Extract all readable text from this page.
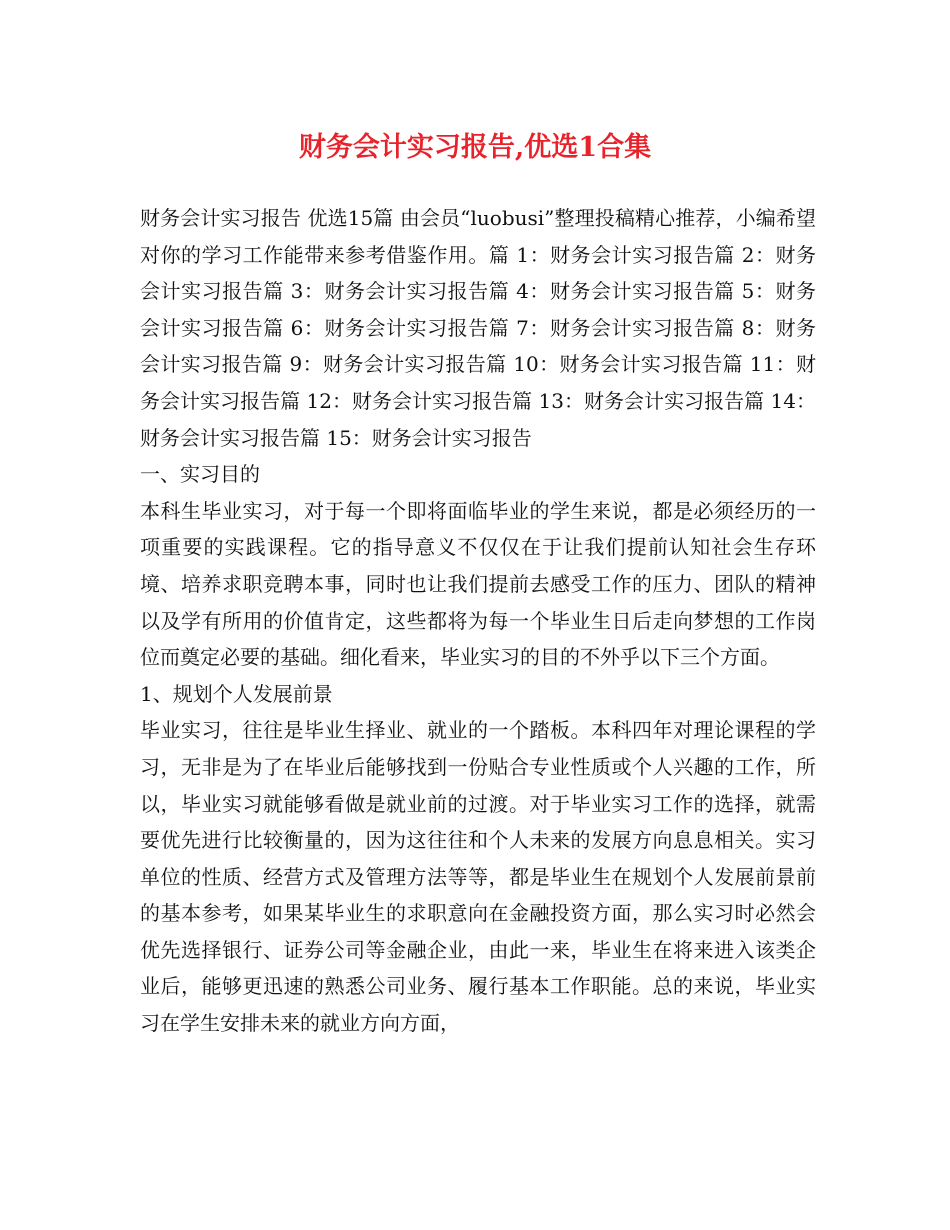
财务会计实习报告,优选1合集

财务会计实习报告 优选15篇 由会员“luobusi”整理投稿精心推荐，小编希望对你的学习工作能带来参考借鉴作用。篇 1：财务会计实习报告篇 2：财务会计实习报告篇 3：财务会计实习报告篇 4：财务会计实习报告篇 5：财务会计实习报告篇 6：财务会计实习报告篇 7：财务会计实习报告篇 8：财务会计实习报告篇 9：财务会计实习报告篇 10：财务会计实习报告篇 11：财务会计实习报告篇 12：财务会计实习报告篇 13：财务会计实习报告篇 14：财务会计实习报告篇 15：财务会计实习报告

一、实习目的

本科生毕业实习，对于每一个即将面临毕业的学生来说，都是必须经历的一项重要的实践课程。它的指导意义不仅仅在于让我们提前认知社会生存环境、培养求职竞聘本事，同时也让我们提前去感受工作的压力、团队的精神以及学有所用的价值肯定，这些都将为每一个毕业生日后走向梦想的工作岗位而奠定必要的基础。细化看来，毕业实习的目的不外乎以下三个方面。

1、规划个人发展前景

毕业实习，往往是毕业生择业、就业的一个踏板。本科四年对理论课程的学习，无非是为了在毕业后能够找到一份贴合专业性质或个人兴趣的工作，所以，毕业实习就能够看做是就业前的过渡。对于毕业实习工作的选择，就需要优先进行比较衡量的，因为这往往和个人未来的发展方向息息相关。实习单位的性质、经营方式及管理方法等等，都是毕业生在规划个人发展前景前的基本参考，如果某毕业生的求职意向在金融投资方面，那么实习时必然会优先选择银行、证券公司等金融企业，由此一来，毕业生在将来进入该类企业后，能够更迅速的熟悉公司业务、履行基本工作职能。总的来说，毕业实习在学生安排未来的就业方向方面，
